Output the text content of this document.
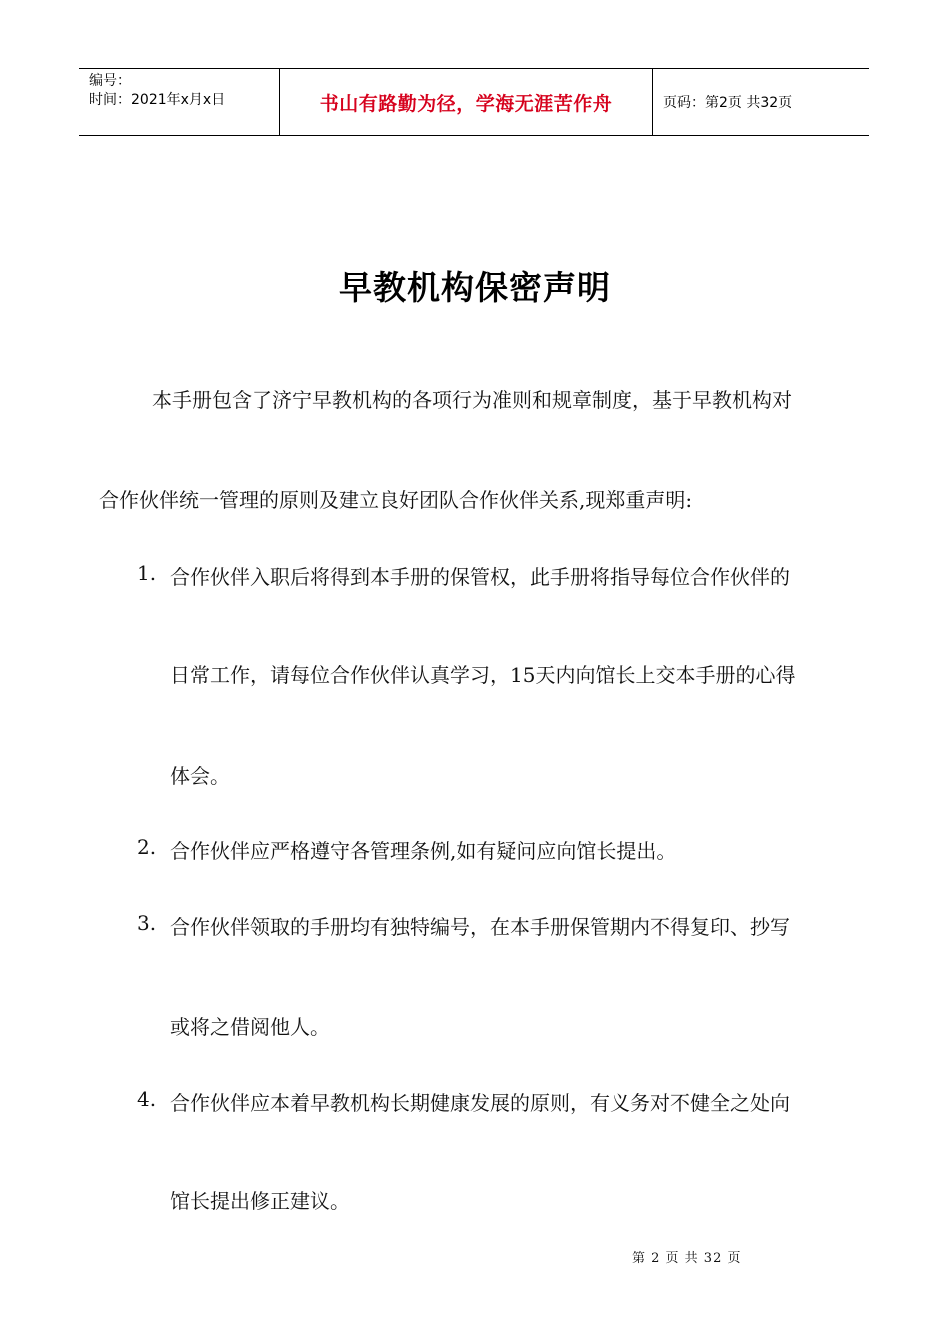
编号：
时间：2021年x月x日	书山有路勤为径，学海无涯苦作舟	页码：第2页 共32页
早教机构保密声明
本手册包含了济宁早教机构的各项行为准则和规章制度，基于早教机构对
合作伙伴统一管理的原则及建立良好团队合作伙伴关系,现郑重声明:
1. 合作伙伴入职后将得到本手册的保管权，此手册将指导每位合作伙伴的
日常工作，请每位合作伙伴认真学习，15天内向馆长上交本手册的心得
体会。
2. 合作伙伴应严格遵守各管理条例,如有疑问应向馆长提出。
3. 合作伙伴领取的手册均有独特编号，在本手册保管期内不得复印、抄写
或将之借阅他人。
4. 合作伙伴应本着早教机构长期健康发展的原则，有义务对不健全之处向
馆长提出修正建议。
第 2 页 共 32 页
